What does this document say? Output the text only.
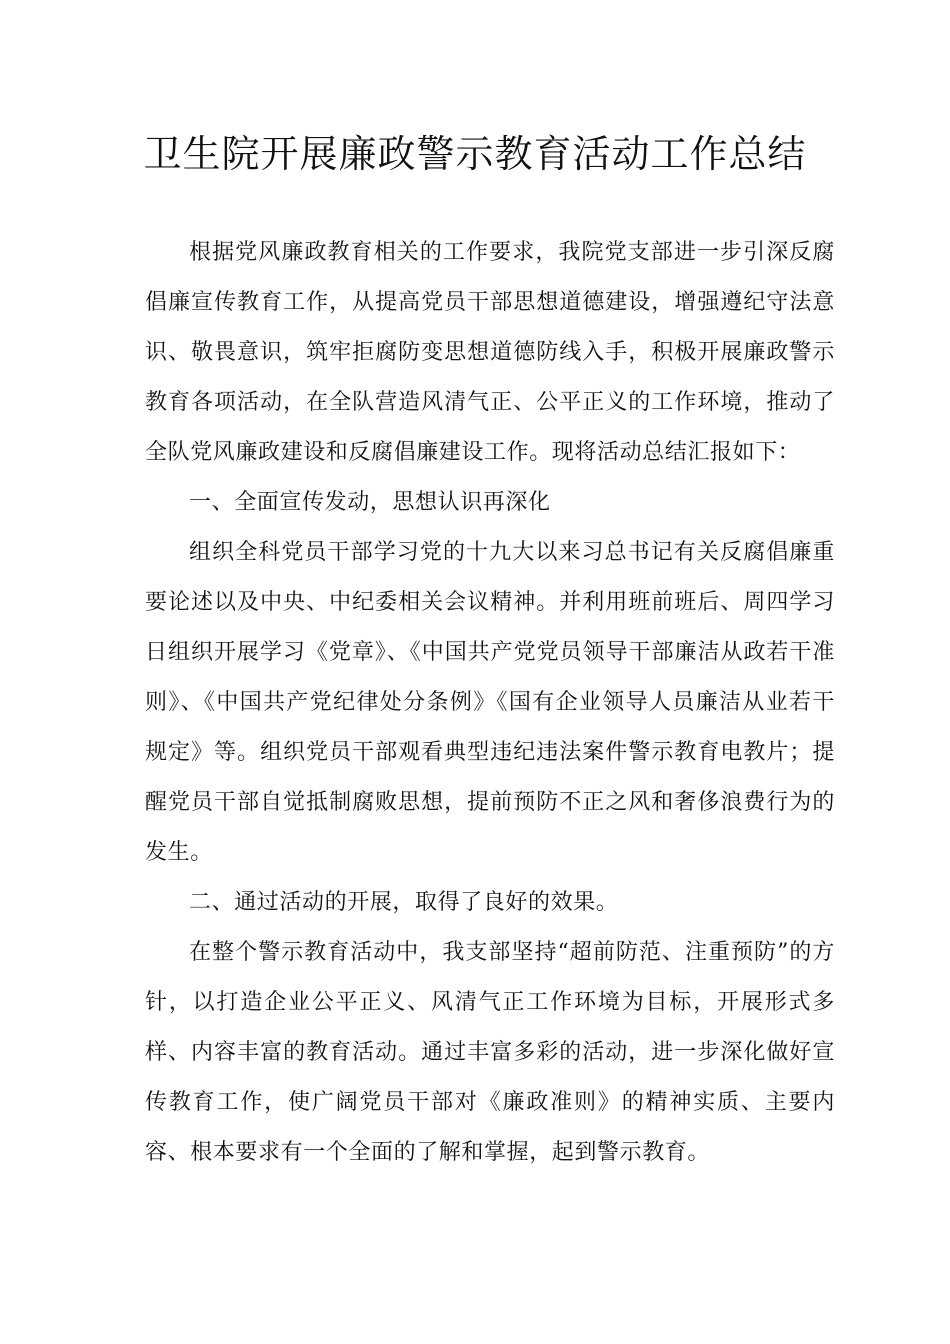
卫生院开展廉政警示教育活动工作总结

根据党风廉政教育相关的工作要求，我院党支部进一步引深反腐倡廉宣传教育工作，从提高党员干部思想道德建设，增强遵纪守法意识、敬畏意识，筑牢拒腐防变思想道德防线入手，积极开展廉政警示教育各项活动，在全队营造风清气正、公平正义的工作环境，推动了全队党风廉政建设和反腐倡廉建设工作。现将活动总结汇报如下：

一、全面宣传发动，思想认识再深化

组织全科党员干部学习党的十九大以来习总书记有关反腐倡廉重要论述以及中央、中纪委相关会议精神。并利用班前班后、周四学习日组织开展学习《党章》、《中国共产党党员领导干部廉洁从政若干准则》、《中国共产党纪律处分条例》《国有企业领导人员廉洁从业若干规定》等。组织党员干部观看典型违纪违法案件警示教育电教片；提醒党员干部自觉抵制腐败思想，提前预防不正之风和奢侈浪费行为的发生。

二、通过活动的开展，取得了良好的效果。

在整个警示教育活动中，我支部坚持“超前防范、注重预防”的方针，以打造企业公平正义、风清气正工作环境为目标，开展形式多样、内容丰富的教育活动。通过丰富多彩的活动，进一步深化做好宣传教育工作，使广阔党员干部对《廉政准则》的精神实质、主要内容、根本要求有一个全面的了解和掌握，起到警示教育。
